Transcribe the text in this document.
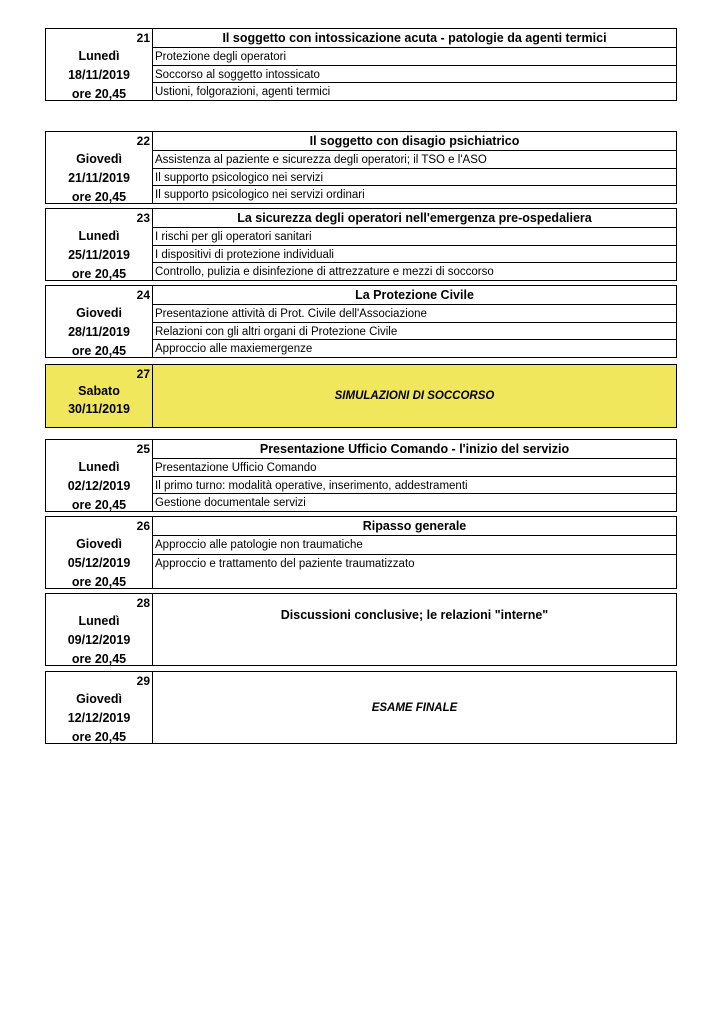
21
Lunedì
18/11/2019
ore 20,45
Il soggetto con intossicazione acuta - patologie da agenti termici
Protezione degli operatori
Soccorso al soggetto intossicato
Ustioni, folgorazioni, agenti termici
22
Giovedì
21/11/2019
ore 20,45
Il soggetto con disagio psichiatrico
Assistenza al paziente e sicurezza degli operatori; il TSO e l'ASO
Il supporto psicologico nei servizi
Il supporto psicologico nei servizi ordinari
23
Lunedì
25/11/2019
ore 20,45
La sicurezza degli operatori nell'emergenza pre-ospedaliera
I rischi per gli operatori sanitari
I dispositivi di protezione individuali
Controllo, pulizia e disinfezione di attrezzature e mezzi di soccorso
24
Giovedi
28/11/2019
ore 20,45
La Protezione Civile
Presentazione attività di Prot. Civile dell'Associazione
Relazioni con gli altri organi di Protezione Civile
Approccio alle maxiemergenze
27
Sabato
30/11/2019
SIMULAZIONI DI SOCCORSO
25
Lunedì
02/12/2019
ore 20,45
Presentazione Ufficio Comando - l'inizio del servizio
Presentazione Ufficio Comando
Il primo turno: modalità operative, inserimento, addestramenti
Gestione documentale servizi
26
Giovedì
05/12/2019
ore 20,45
Ripasso generale
Approccio alle patologie non traumatiche
Approccio e trattamento del paziente traumatizzato
28
Lunedì
09/12/2019
ore 20,45
Discussioni conclusive; le relazioni "interne"
29
Giovedì
12/12/2019
ore 20,45
ESAME FINALE
